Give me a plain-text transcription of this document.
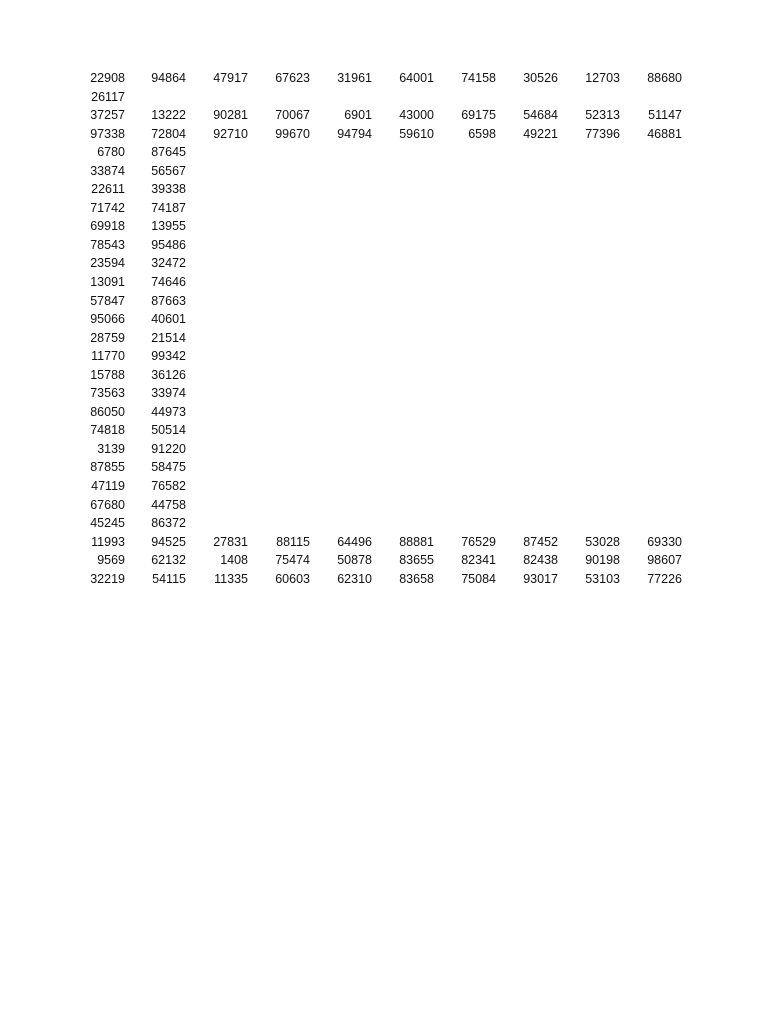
22908	94864	47917	67623	31961	64001	74158	30526	12703	88680
26117
37257	13222	90281	70067	6901	43000	69175	54684	52313	51147
97338	72804	92710	99670	94794	59610	6598	49221	77396	46881
6780	87645
33874	56567
22611	39338
71742	74187
69918	13955
78543	95486
23594	32472
13091	74646
57847	87663
95066	40601
28759	21514
11770	99342
15788	36126
73563	33974
86050	44973
74818	50514
3139	91220
87855	58475
47119	76582
67680	44758
45245	86372
11993	94525	27831	88115	64496	88881	76529	87452	53028	69330
9569	62132	1408	75474	50878	83655	82341	82438	90198	98607
32219	54115	11335	60603	62310	83658	75084	93017	53103	77226
